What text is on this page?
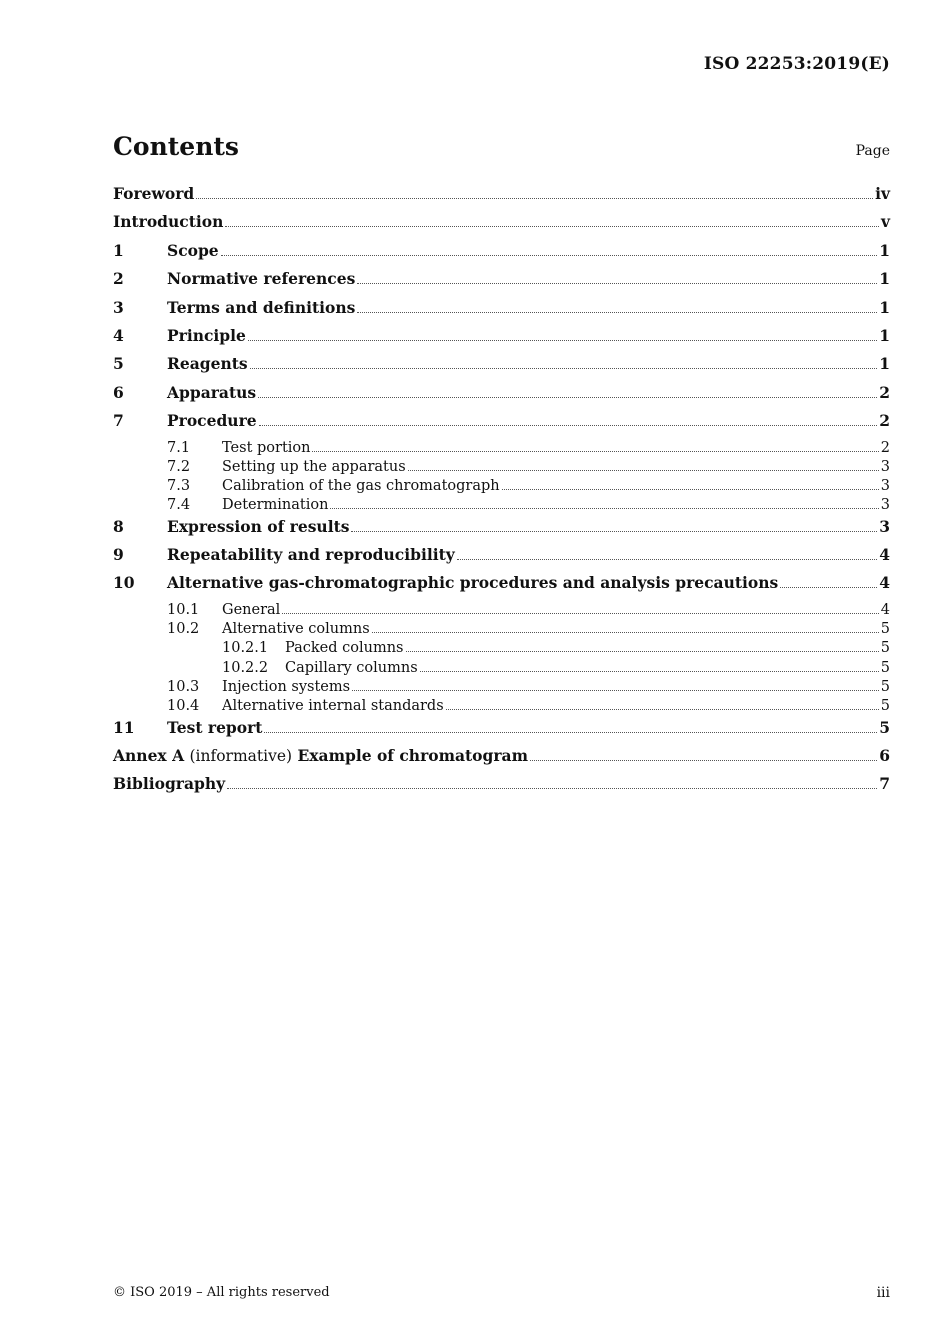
ISO 22253:2019(E)
Contents	Page
Foreword	iv
Introduction	v
1	Scope	1
2	Normative references	1
3	Terms and definitions	1
4	Principle	1
5	Reagents	1
6	Apparatus	2
7	Procedure	2
7.1	Test portion	2
7.2	Setting up the apparatus	3
7.3	Calibration of the gas chromatograph	3
7.4	Determination	3
8	Expression of results	3
9	Repeatability and reproducibility	4
10	Alternative gas-chromatographic procedures and analysis precautions	4
10.1	General	4
10.2	Alternative columns	5
10.2.1	Packed columns	5
10.2.2	Capillary columns	5
10.3	Injection systems	5
10.4	Alternative internal standards	5
11	Test report	5
Annex A (informative) Example of chromatogram	6
Bibliography	7
© ISO 2019 – All rights reserved	iii
